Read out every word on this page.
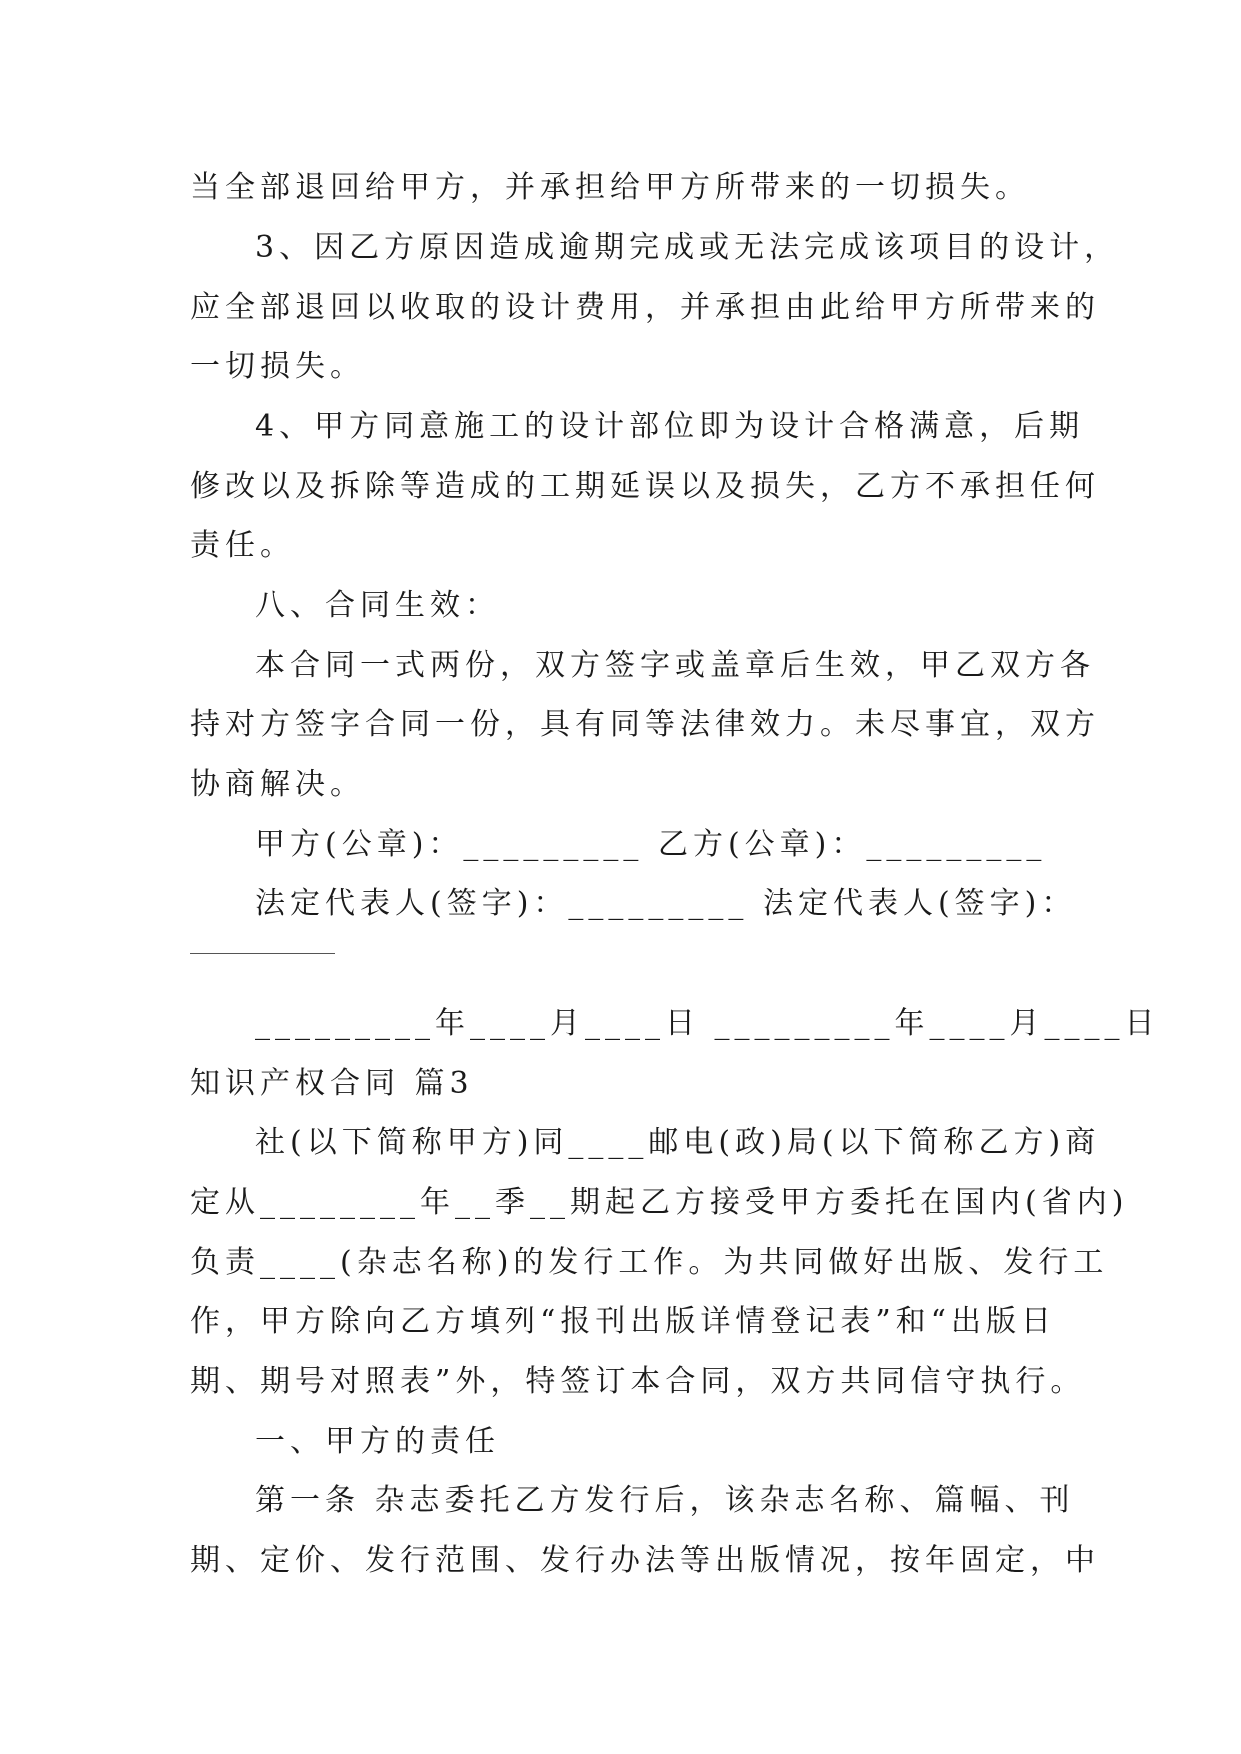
当全部退回给甲方，并承担给甲方所带来的一切损失。

3、因乙方原因造成逾期完成或无法完成该项目的设计，

应全部退回以收取的设计费用，并承担由此给甲方所带来的

一切损失。

4、甲方同意施工的设计部位即为设计合格满意，后期

修改以及拆除等造成的工期延误以及损失，乙方不承担任何

责任。

八、合同生效：

本合同一式两份，双方签字或盖章后生效，甲乙双方各

持对方签字合同一份，具有同等法律效力。未尽事宜，双方

协商解决。

甲方(公章)：_________ 乙方(公章)：_________

法定代表人(签字)：_________ 法定代表人(签字)：

_________年____月____日 _________年____月____日

知识产权合同 篇3

社(以下简称甲方)同____邮电(政)局(以下简称乙方)商

定从________年__季__期起乙方接受甲方委托在国内(省内)

负责____(杂志名称)的发行工作。为共同做好出版、发行工

作，甲方除向乙方填列“报刊出版详情登记表”和“出版日

期、期号对照表”外，特签订本合同，双方共同信守执行。

一、甲方的责任

第一条 杂志委托乙方发行后，该杂志名称、篇幅、刊

期、定价、发行范围、发行办法等出版情况，按年固定，中
